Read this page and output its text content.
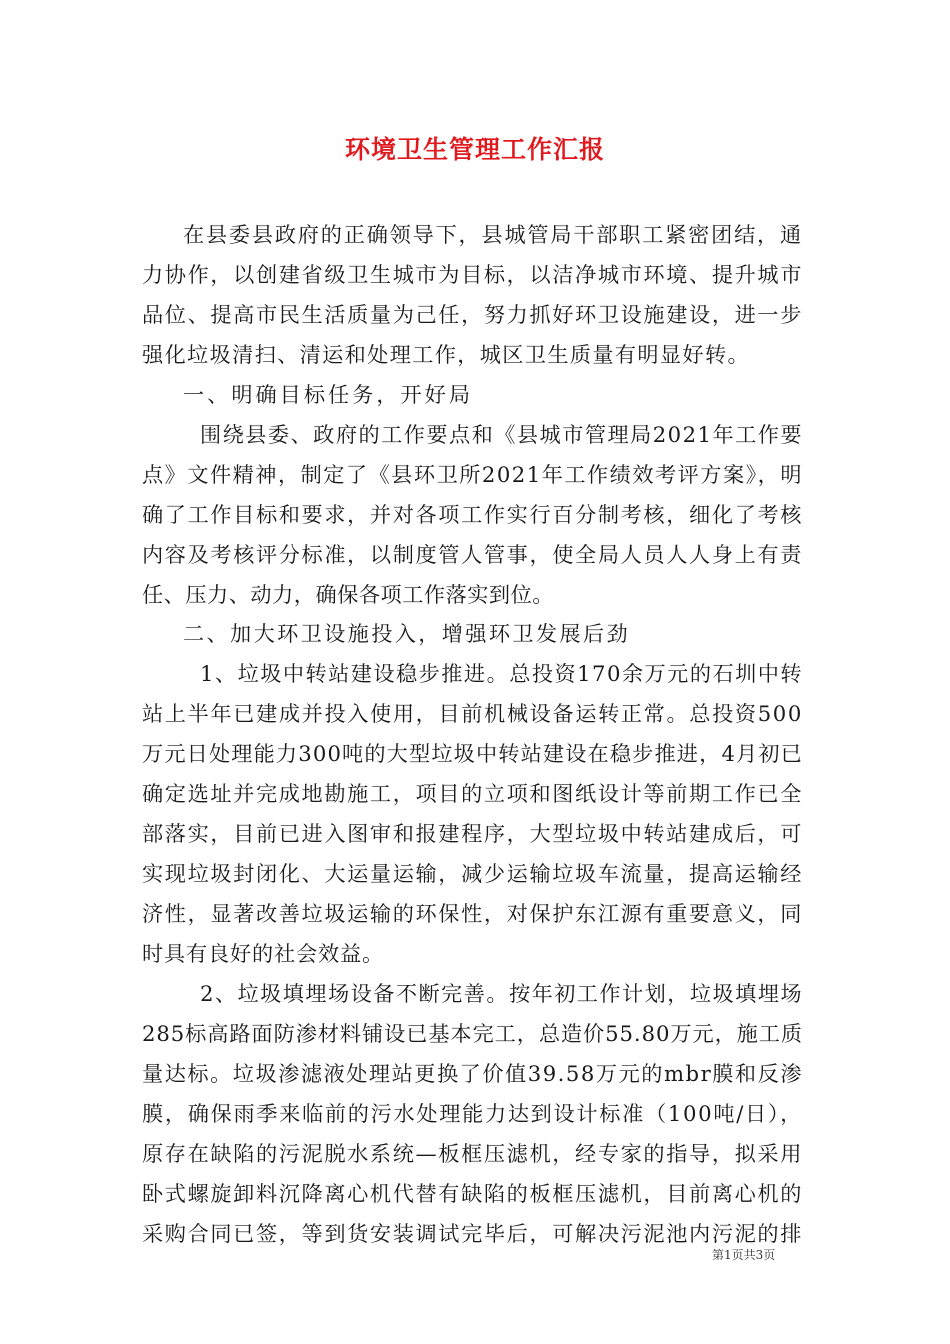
环境卫生管理工作汇报
在县委县政府的正确领导下，县城管局干部职工紧密团结，通
力协作，以创建省级卫生城市为目标，以洁净城市环境、提升城市
品位、提高市民生活质量为己任，努力抓好环卫设施建设，进一步
强化垃圾清扫、清运和处理工作，城区卫生质量有明显好转。
一、明确目标任务，开好局
围绕县委、政府的工作要点和《县城市管理局2021年工作要
点》文件精神，制定了《县环卫所2021年工作绩效考评方案》，明
确了工作目标和要求，并对各项工作实行百分制考核，细化了考核
内容及考核评分标准，以制度管人管事，使全局人员人人身上有责
任、压力、动力，确保各项工作落实到位。
二、加大环卫设施投入，增强环卫发展后劲
1、垃圾中转站建设稳步推进。总投资170余万元的石圳中转
站上半年已建成并投入使用，目前机械设备运转正常。总投资500
万元日处理能力300吨的大型垃圾中转站建设在稳步推进，4月初已
确定选址并完成地勘施工，项目的立项和图纸设计等前期工作已全
部落实，目前已进入图审和报建程序，大型垃圾中转站建成后，可
实现垃圾封闭化、大运量运输，减少运输垃圾车流量，提高运输经
济性，显著改善垃圾运输的环保性，对保护东江源有重要意义，同
时具有良好的社会效益。
2、垃圾填埋场设备不断完善。按年初工作计划，垃圾填埋场
285标高路面防渗材料铺设已基本完工，总造价55.80万元，施工质
量达标。垃圾渗滤液处理站更换了价值39.58万元的mbr膜和反渗
膜，确保雨季来临前的污水处理能力达到设计标准（100吨/日），
原存在缺陷的污泥脱水系统—板框压滤机，经专家的指导，拟采用
卧式螺旋卸料沉降离心机代替有缺陷的板框压滤机，目前离心机的
采购合同已签，等到货安装调试完毕后，可解决污泥池内污泥的排
第1页共3页
